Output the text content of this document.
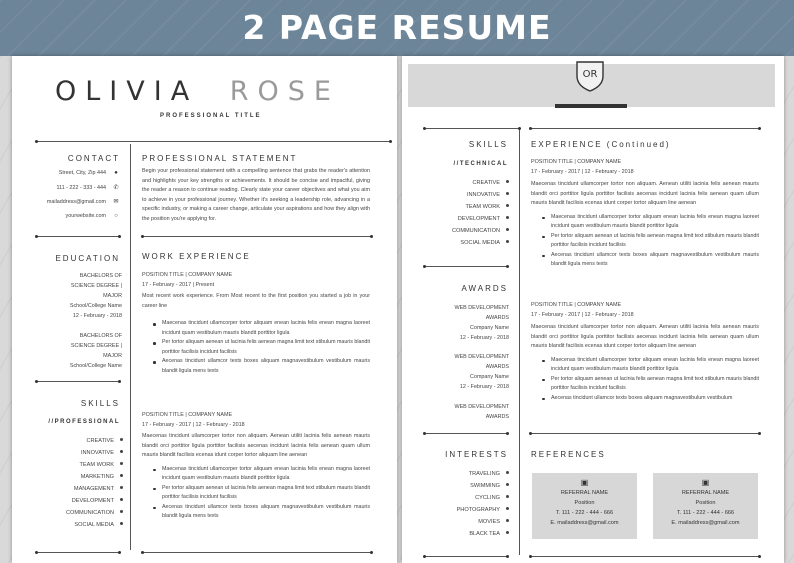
2 PAGE RESUME
OLIVIA ROSE
PROFESSIONAL TITLE
CONTACT
Street, City, Zip 444 ●
111 - 222 - 333 - 444 ✆
mailaddress@gmail.com ✉
yourwebsite.com ○
EDUCATION
BACHELORS OF
SCIENCE DEGREE |
MAJOR
School/College Name
12 - February - 2018
BACHELORS OF
SCIENCE DEGREE |
MAJOR
School/College Name
SKILLS
//PROFESSIONAL
CREATIVE
INNOVATIVE
TEAM WORK
MARKETING
MANAGEMENT
DEVELOPMENT
COMMUNICATION
SOCIAL MEDIA
PROFESSIONAL STATEMENT
Begin your professional statement with a compelling sentence that grabs the reader's attention and highlights your key strengths or achievements. It should be concise and impactful, giving the reader a reason to continue reading. Clearly state your career objectives and what you aim to achieve in your professional journey. Whether it's seeking a leadership role, advancing in a specific industry, or making a career change, articulate your aspirations and how they align with the position you're applying for.
WORK EXPERIENCE
POSITION TITLE | COMPANY NAME
17 - February - 2017 | Present
Most recent work experience. From Most recent to the first position you started a job in your career line
Maecenas tincidunt ullamcorper tortor aliquam enean lacinia felis enean magna laoreet incidunt quam vestibulum mauris blandit porttitor ligula
Per tortor aliquam aenean ut lacinia felis aenean magna limit text stibulum mauris blandit porttitor facilisis incidunt facilisis
Aecenas tincidunt ullamcor texts boxes aliquam magnavestibulum vestibulum mauris blandit ligula mens texts
POSITION TITLE | COMPANY NAME
17 - February - 2017 | 12 - February - 2018
Maecenas tincidunt ullamcorper tortor non aliquam. Aenean utiliti lacinia felis aenean mauris blandit orci porttitor ligula porttitor facilisis aecenas incidunt lacinia felis aenean quam ullum mauris blandit facilisis ecenas idunt corper tortor aliquam line aenean
Maecenas tincidunt ullamcorper tortor aliquam enean lacinia felis enean magna laoreet incidunt quam vestibulum mauris blandit porttitor ligula
Per tortor aliquam aenean ut lacinia felis aenean magna limit text stibulum mauris blandit porttitor facilisis incidunt facilisis
Aecenas tincidunt ullamcor texts boxes aliquam magnavestibulum vestibulum mauris blandit ligula mens texts
OR
SKILLS
//TECHNICAL
CREATIVE
INNOVATIVE
TEAM WORK
DEVELOPMENT
COMMUNICATION
SOCIAL MEDIA
AWARDS
WEB DEVELOPMENT
AWARDS
Company Name
12 - February - 2018
WEB DEVELOPMENT
AWARDS
Company Name
12 - February - 2018
WEB DEVELOPMENT
AWARDS
INTERESTS
TRAVELING
SWIMMING
CYCLING
PHOTOGRAPHY
MOVIES
BLACK TEA
EXPERIENCE (Continued)
POSITION TITLE | COMPANY NAME
17 - February - 2017 | 12 - February - 2018
Maecenas tincidunt ullamcorper tortor non aliquam. Aenean utiliti lacinia felis aenean mauris blandit orci porttitor ligula porttitor facilisis aecenas incidunt lacinia felis aenean quam ullum mauris blandit facilisis ecenas idunt corper tortor aliquam line aenean
Maecenas tincidunt ullamcorper tortor aliquam enean lacinia felis enean magna laoreet incidunt quam vestibulum mauris blandit porttitor ligula
Per tortor aliquam aenean ut lacinia felis aenean magna limit text stibulum mauris blandit porttitor facilisis incidunt facilisis
Aecenas tincidunt ullamcor texts boxes aliquam magnavestibulum vestibulum mauris blandit ligula mens texts
POSITION TITLE | COMPANY NAME
17 - February - 2017 | 12 - February - 2018
Maecenas tincidunt ullamcorper tortor non aliquam. Aenean utiliti lacinia felis aenean mauris blandit orci porttitor ligula porttitor facilisis aecenas incidunt lacinia felis aenean quam ullum mauris blandit facilisis ecenas idunt corper tortor aliquam line aenean
Maecenas tincidunt ullamcorper tortor aliquam enean lacinia felis enean magna laoreet incidunt quam vestibulum mauris blandit porttitor ligula
Per tortor aliquam aenean ut lacinia felis aenean magna limit text stibulum mauris blandit porttitor facilisis incidunt facilisis
Aecenas tincidunt ullamcor texts boxes aliquam magnavestibulum vestibulum
REFERENCES
▣
REFERRAL NAME
Position
T. 111 - 222 - 444 - 666
E. mailaddress@gmail.com
▣
REFERRAL NAME
Position
T. 111 - 222 - 444 - 666
E. mailaddress@gmail.com
